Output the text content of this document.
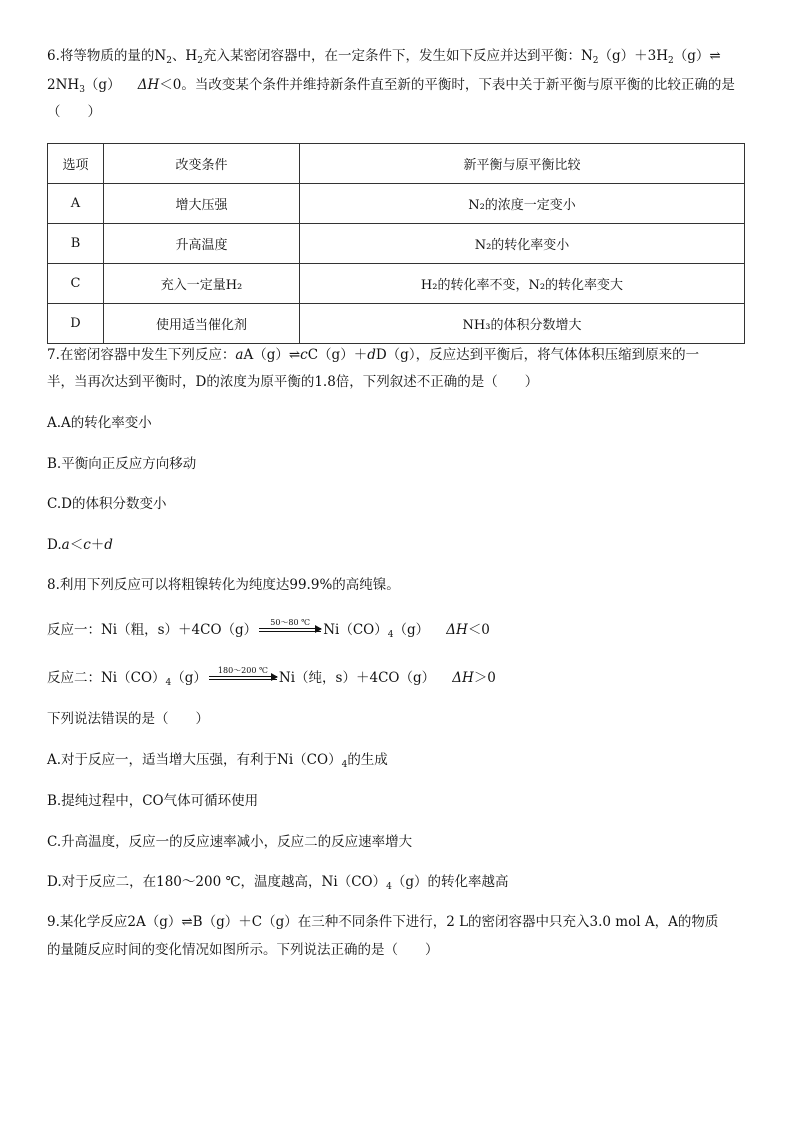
6.将等物质的量的$N_2$、$H_2$充入某密闭容器中，在一定条件下，发生如下反应并达到平衡：$N_2(g)+3H_2(g)\rightleftharpoons$
$2NH_3(g)$ ΔH＜0。当改变某个条件并维持新条件直至新的平衡时，下表中关于新平衡与原平衡的比较正确的是
（　　）
选项	改变条件	新平衡与原平衡比较
A	增大压强	N₂的浓度一定变小
B	升高温度	N₂的转化率变小
C	充入一定量H₂	H₂的转化率不变，N₂的转化率变大
D	使用适当催化剂	NH₃的体积分数增大
7.在密闭容器中发生下列反应：aA（g）⇌cC（g）＋dD（g），反应达到平衡后，将气体体积压缩到原来的一
半，当再次达到平衡时，D的浓度为原平衡的1.8倍，下列叙述不正确的是（　　）
A.A的转化率变小
B.平衡向正反应方向移动
C.D的体积分数变小
D.a＜c＋d
8.利用下列反应可以将粗镍转化为纯度达99.9%的高纯镍。
反应一：Ni（粗，s）＋4CO（g）	50～80 ℃ $Ni(CO)_4(g)$ ΔH＜0
反应二：$Ni(CO)_4(g)$	180～200 ℃ Ni（纯，s）＋4CO（g） ΔH＞0
下列说法错误的是（　　）
A.对于反应一，适当增大压强，有利于$Ni(CO)_4$的生成
B.提纯过程中，CO气体可循环使用
C.升高温度，反应一的反应速率减小，反应二的反应速率增大
D.对于反应二，在180～200 ℃，温度越高，$Ni(CO)_4(g)$的转化率越高
9.某化学反应2A（g）⇌B（g）＋C（g）在三种不同条件下进行，2 L的密闭容器中只充入3.0 mol A，A的物质
的量随反应时间的变化情况如图所示。下列说法正确的是（　　）
